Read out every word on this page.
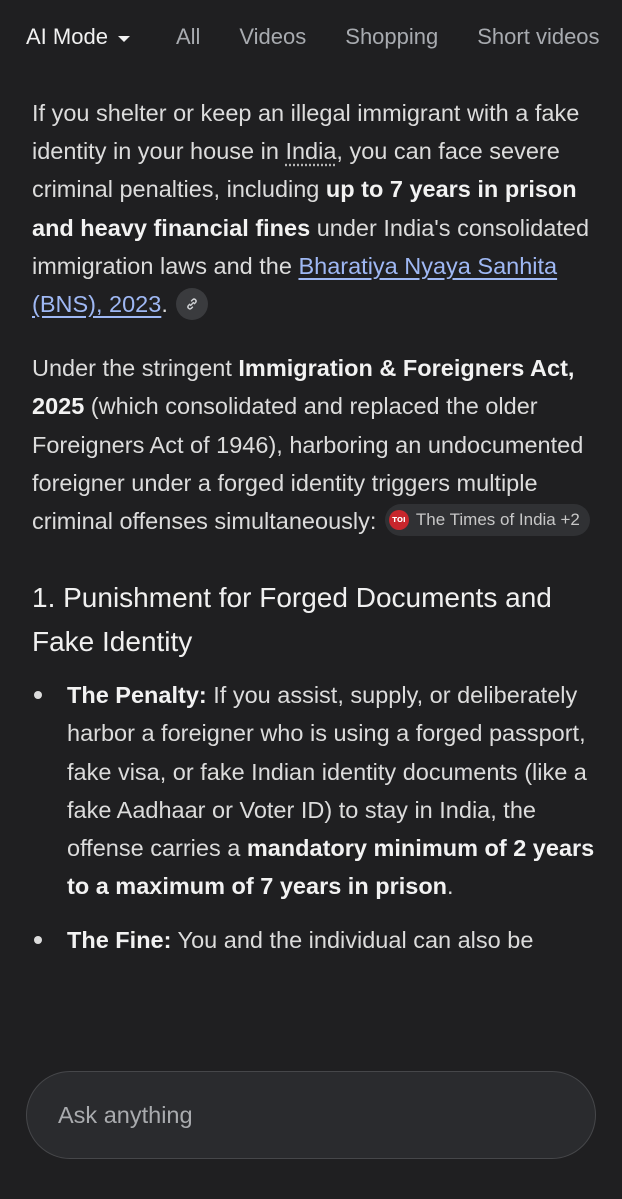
AI Mode	All Videos Shopping Short videos

If you shelter or keep an illegal immigrant with a fake identity in your house in India, you can face severe criminal penalties, including up to 7 years in prison and heavy financial fines under India's consolidated immigration laws and the Bharatiya Nyaya Sanhita (BNS), 2023.

Under the stringent Immigration & Foreigners Act, 2025 (which consolidated and replaced the older Foreigners Act of 1946), harboring an undocumented foreigner under a forged identity triggers multiple criminal offenses simultaneously:	TOI The Times of India +2

1. Punishment for Forged Documents and Fake Identity
The Penalty: If you assist, supply, or deliberately harbor a foreigner who is using a forged passport, fake visa, or fake Indian identity documents (like a fake Aadhaar or Voter ID) to stay in India, the offense carries a mandatory minimum of 2 years to a maximum of 7 years in prison.
The Fine: You and the individual can also be
Ask anything
